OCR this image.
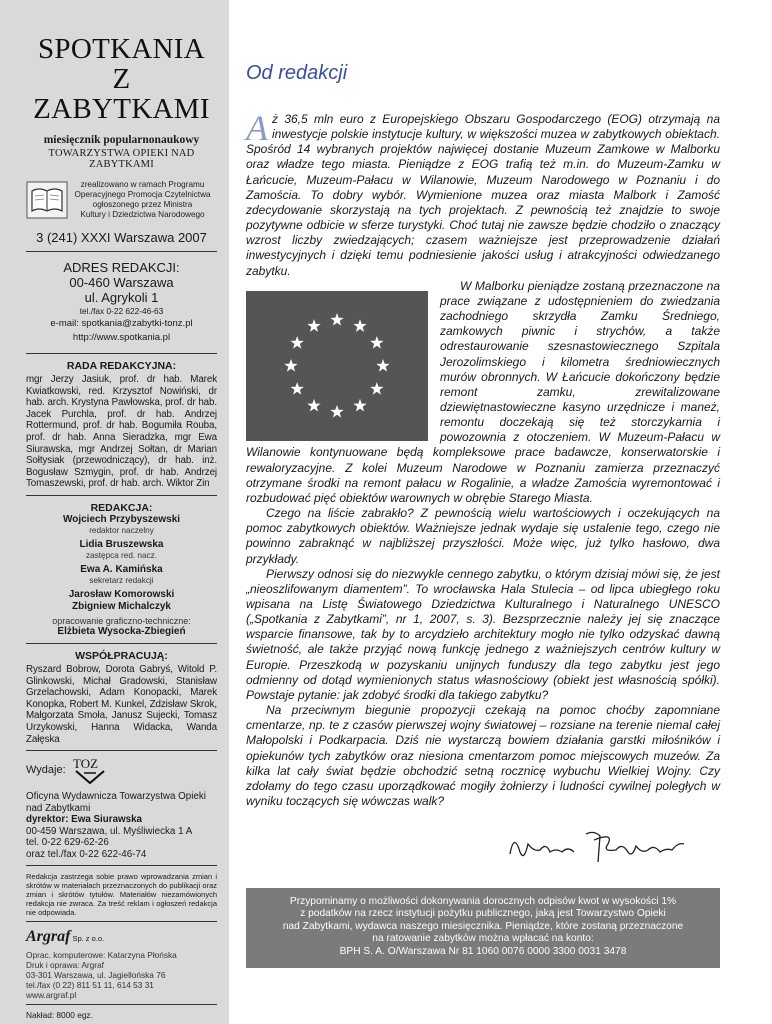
SPOTKANIA
Z ZABYTKAMI
miesięcznik popularnonaukowy
TOWARZYSTWA OPIEKI NAD ZABYTKAMI
zrealizowano w ramach Programu
Operacyjnego Promocja Czytelnictwa
ogłoszonego przez Ministra
Kultury i Dziedzictwa Narodowego
3 (241) XXXI Warszawa 2007
ADRES REDAKCJI:
00-460 Warszawa
ul. Agrykoli 1
tel./fax 0-22 622-46-63
e-mail: spotkania@zabytki-tonz.pl
http://www.spotkania.pl
RADA REDAKCYJNA:
mgr Jerzy Jasiuk, prof. dr hab. Marek Kwiatkowski, red. Krzysztof Nowiński, dr hab. arch. Krystyna Pawłowska, prof. dr hab. Jacek Purchla, prof. dr hab. Andrzej Rottermund, prof. dr hab. Bogumiła Rouba, prof. dr hab. Anna Sieradzka, mgr Ewa Siurawska, mgr Andrzej Sołtan, dr Marian Sołtysiak (przewodniczący), dr hab. inż. Bogusław Szmygin, prof. dr hab. Andrzej Tomaszewski, prof. dr hab. arch. Wiktor Zin
REDAKCJA:
Wojciech Przybyszewski
redaktor naczelny
Lidia Bruszewska
zastępca red. nacz.
Ewa A. Kamińska
sekretarz redakcji
Jarosław Komorowski
Zbigniew Michalczyk
opracowanie graficzno-techniczne:
Elżbieta Wysocka-Zbiegień
WSPÓŁPRACUJĄ:
Ryszard Bobrow, Dorota Gabryś, Witold P. Glinkowski, Michał Gradowski, Stanisław Grzelachowski, Adam Konopacki, Marek Konopka, Robert M. Kunkel, Zdzisław Skrok, Małgorzata Smoła, Janusz Sujecki, Tomasz Urzykowski, Hanna Widacka, Wanda Załęska
Wydaje: TOZ
Oficyna Wydawnicza Towarzystwa Opieki
nad Zabytkami
dyrektor: Ewa Siurawska
00-459 Warszawa, ul. Myśliwiecka 1 A
tel. 0-22 629-62-26
oraz tel./fax 0-22 622-46-74
Redakcja zastrzega sobie prawo wprowadzania zmian i skrótów w materiałach przeznaczonych do publikacji oraz zmian i skrótów tytułów. Materiałów niezamówionych redakcja nie zwraca. Za treść reklam i ogłoszeń redakcja nie odpowiada.
Argraf Sp. z o.o.
Oprac. komputerowe: Katarzyna Płońska
Druk i oprawa: Argraf
03-301 Warszawa, ul. Jagiellońska 76
tel./fax (0 22) 811 51 11, 614 53 31
www.argraf.pl
Nakład: 8000 egz.
Od redakcji

Aż 36,5 mln euro z Europejskiego Obszaru Gospodarczego (EOG) otrzymają na inwestycje polskie instytucje kultury, w większości muzea w zabytkowych obiektach. Spośród 14 wybranych projektów najwięcej dostanie Muzeum Zamkowe w Malborku oraz władze tego miasta. Pieniądze z EOG trafią też m.in. do Muzeum-Zamku w Łańcucie, Muzeum-Pałacu w Wilanowie, Muzeum Narodowego w Poznaniu i do Zamościa. To dobry wybór. Wymienione muzea oraz miasta Malbork i Zamość zdecydowanie skorzystają na tych projektach. Z pewnością też znajdzie to swoje pozytywne odbicie w sferze turystyki. Choć tutaj nie zawsze będzie chodziło o znaczący wzrost liczby zwiedzających; czasem ważniejsze jest przeprowadzenie działań inwestycyjnych i dzięki temu podniesienie jakości usług i atrakcyjności odwiedzanego zabytku.

W Malborku pieniądze zostaną przeznaczone na prace związane z udostępnieniem do zwiedzania zachodniego skrzydła Zamku Średniego, zamkowych piwnic i strychów, a także odrestaurowanie szesnastowiecznego Szpitala Jerozolimskiego i kilometra średniowiecznych murów obronnych. W Łańcucie dokończony będzie remont zamku, zrewitalizowane dziewiętnastowieczne kasyno urzędnicze i maneż, remontu doczekają się też storczykarnia i powozownia z otoczeniem. W Muzeum-Pałacu w Wilanowie kontynuowane będą kompleksowe prace badawcze, konserwatorskie i rewaloryzacyjne. Z kolei Muzeum Narodowe w Poznaniu zamierza przeznaczyć otrzymane środki na remont pałacu w Rogalinie, a władze Zamościa wyremontować i rozbudować pięć obiektów warownych w obrębie Starego Miasta.

Czego na liście zabrakło? Z pewnością wielu wartościowych i oczekujących na pomoc zabytkowych obiektów. Ważniejsze jednak wydaje się ustalenie tego, czego nie powinno zabraknąć w najbliższej przyszłości. Może więc, już tylko hasłowo, dwa przykłady.

Pierwszy odnosi się do niezwykle cennego zabytku, o którym dzisiaj mówi się, że jest „nieoszlifowanym diamentem”. To wrocławska Hala Stulecia – od lipca ubiegłego roku wpisana na Listę Światowego Dziedzictwa Kulturalnego i Naturalnego UNESCO („Spotkania z Zabytkami”, nr 1, 2007, s. 3). Bezsprzecznie należy jej się znaczące wsparcie finansowe, tak by to arcydzieło architektury mogło nie tylko odzyskać dawną świetność, ale także przyjąć nową funkcję jednego z ważniejszych centrów kultury w Europie. Przeszkodą w pozyskaniu unijnych funduszy dla tego zabytku jest jego odmienny od dotąd wymienionych status własnościowy (obiekt jest własnością spółki). Powstaje pytanie: jak zdobyć środki dla takiego zabytku?

Na przeciwnym biegunie propozycji czekają na pomoc choćby zapomniane cmentarze, np. te z czasów pierwszej wojny światowej – rozsiane na terenie niemal całej Małopolski i Podkarpacia. Dziś nie wystarczą bowiem działania garstki miłośników i opiekunów tych zabytków oraz niesiona cmentarzom pomoc miejscowych muzeów. Za kilka lat cały świat będzie obchodzić setną rocznicę wybuchu Wielkiej Wojny. Czy zdołamy do tego czasu uporządkować mogiły żołnierzy i ludności cywilnej poległych w wyniku toczących się wówczas walk?

Przypominamy o możliwości dokonywania dorocznych odpisów kwot w wysokości 1%
z podatków na rzecz instytucji pożytku publicznego, jaką jest Towarzystwo Opieki
nad Zabytkami, wydawca naszego miesięcznika. Pieniądze, które zostaną przeznaczone
na ratowanie zabytków można wpłacać na konto:
BPH S. A. O/Warszawa Nr 81 1060 0076 0000 3300 0031 3478
